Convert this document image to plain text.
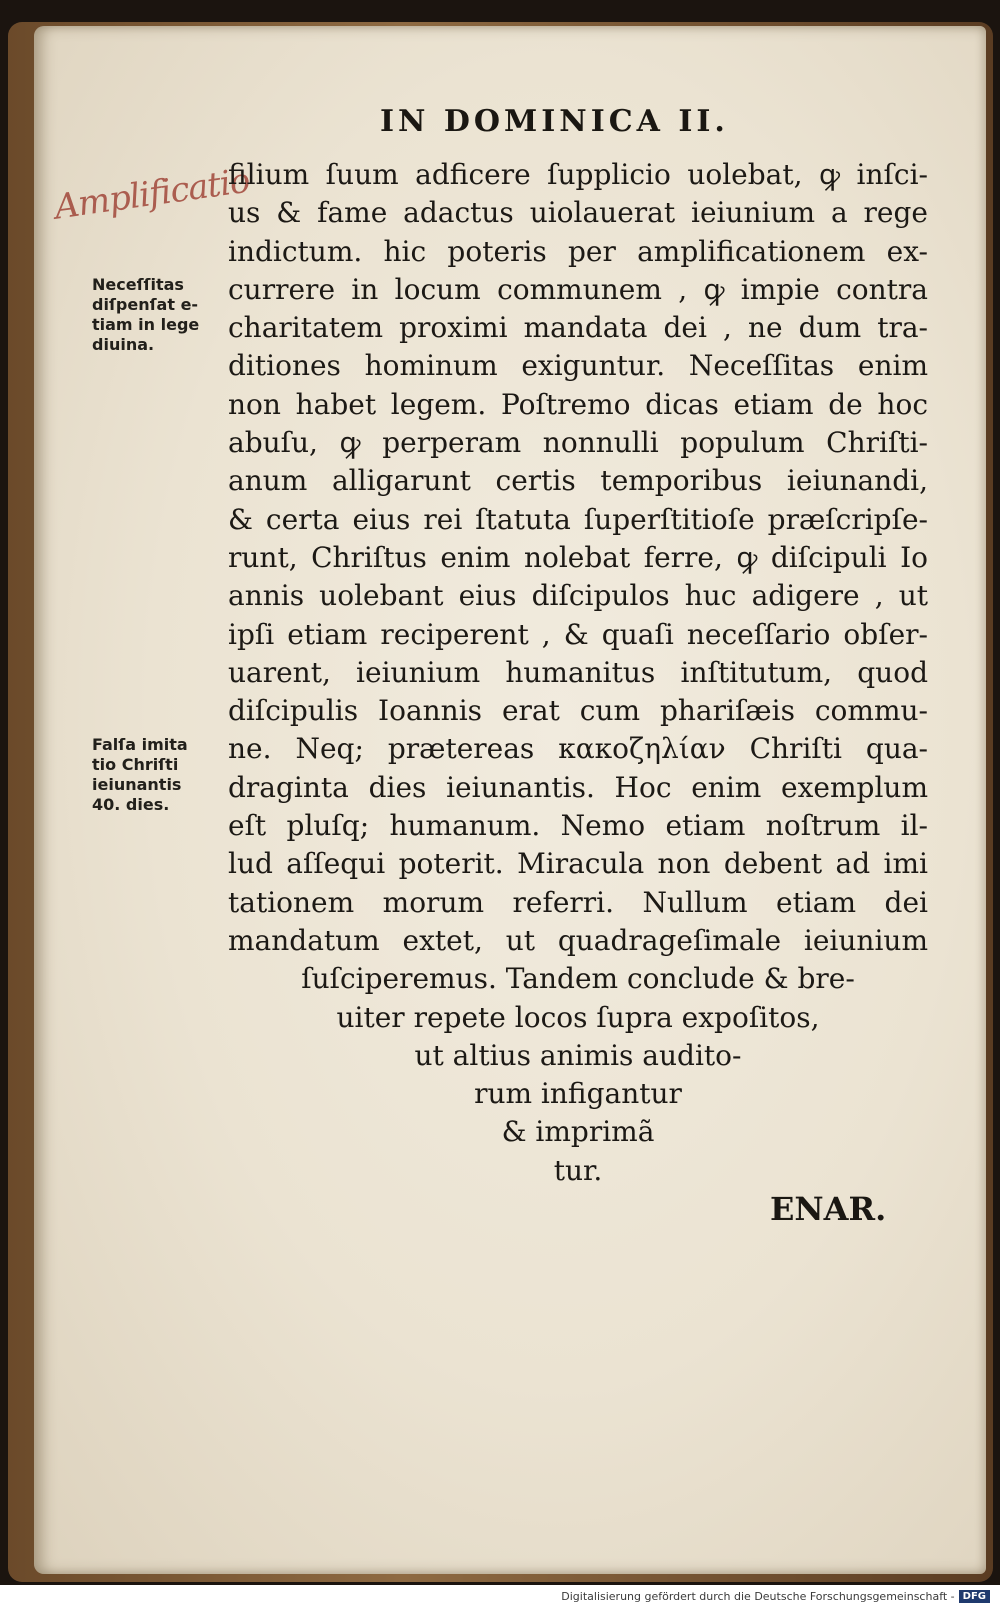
IN DOMINICA II.
Amplificatio
filium ſuum adficere ſupplicio uolebat, ꝙ inſci-
us & fame adactus uiolauerat ieiunium a rege
indictum. hic poteris per amplificationem ex-
currere in locum communem , ꝙ impie contra
charitatem proximi mandata dei , ne dum tra-
ditiones hominum exiguntur. Neceſſitas enim
non habet legem. Poſtremo dicas etiam de hoc
abuſu, ꝙ perperam nonnulli populum Chriſti-
anum alligarunt certis temporibus ieiunandi,
& certa eius rei ſtatuta ſuperſtitioſe præſcripſe-
runt, Chriſtus enim nolebat ferre, ꝙ diſcipuli Io
annis uolebant eius diſcipulos huc adigere , ut
ipſi etiam reciperent , & quaſi neceſſario obſer-
uarent, ieiunium humanitus inſtitutum, quod
diſcipulis Ioannis erat cum phariſæis commu-
ne. Neq; prætereas κακοζηλίαν Chriſti qua-
draginta dies ieiunantis. Hoc enim exemplum
eſt pluſq; humanum. Nemo etiam noſtrum il-
lud aſſequi poterit. Miracula non debent ad imi
tationem morum referri. Nullum etiam dei
mandatum extet, ut quadrageſimale ieiunium
ſuſciperemus. Tandem conclude & bre-
uiter repete locos ſupra expoſitos,
ut altius animis audito-
rum infigantur
& imprimã
tur.
Neceſſitas
diſpenſat e-
tiam in lege
diuina.
Falſa imita
tio Chriſti
ieiunantis
40. dies.
ENAR.
Digitalisierung gefördert durch die Deutsche Forschungsgemeinschaft - DFG
